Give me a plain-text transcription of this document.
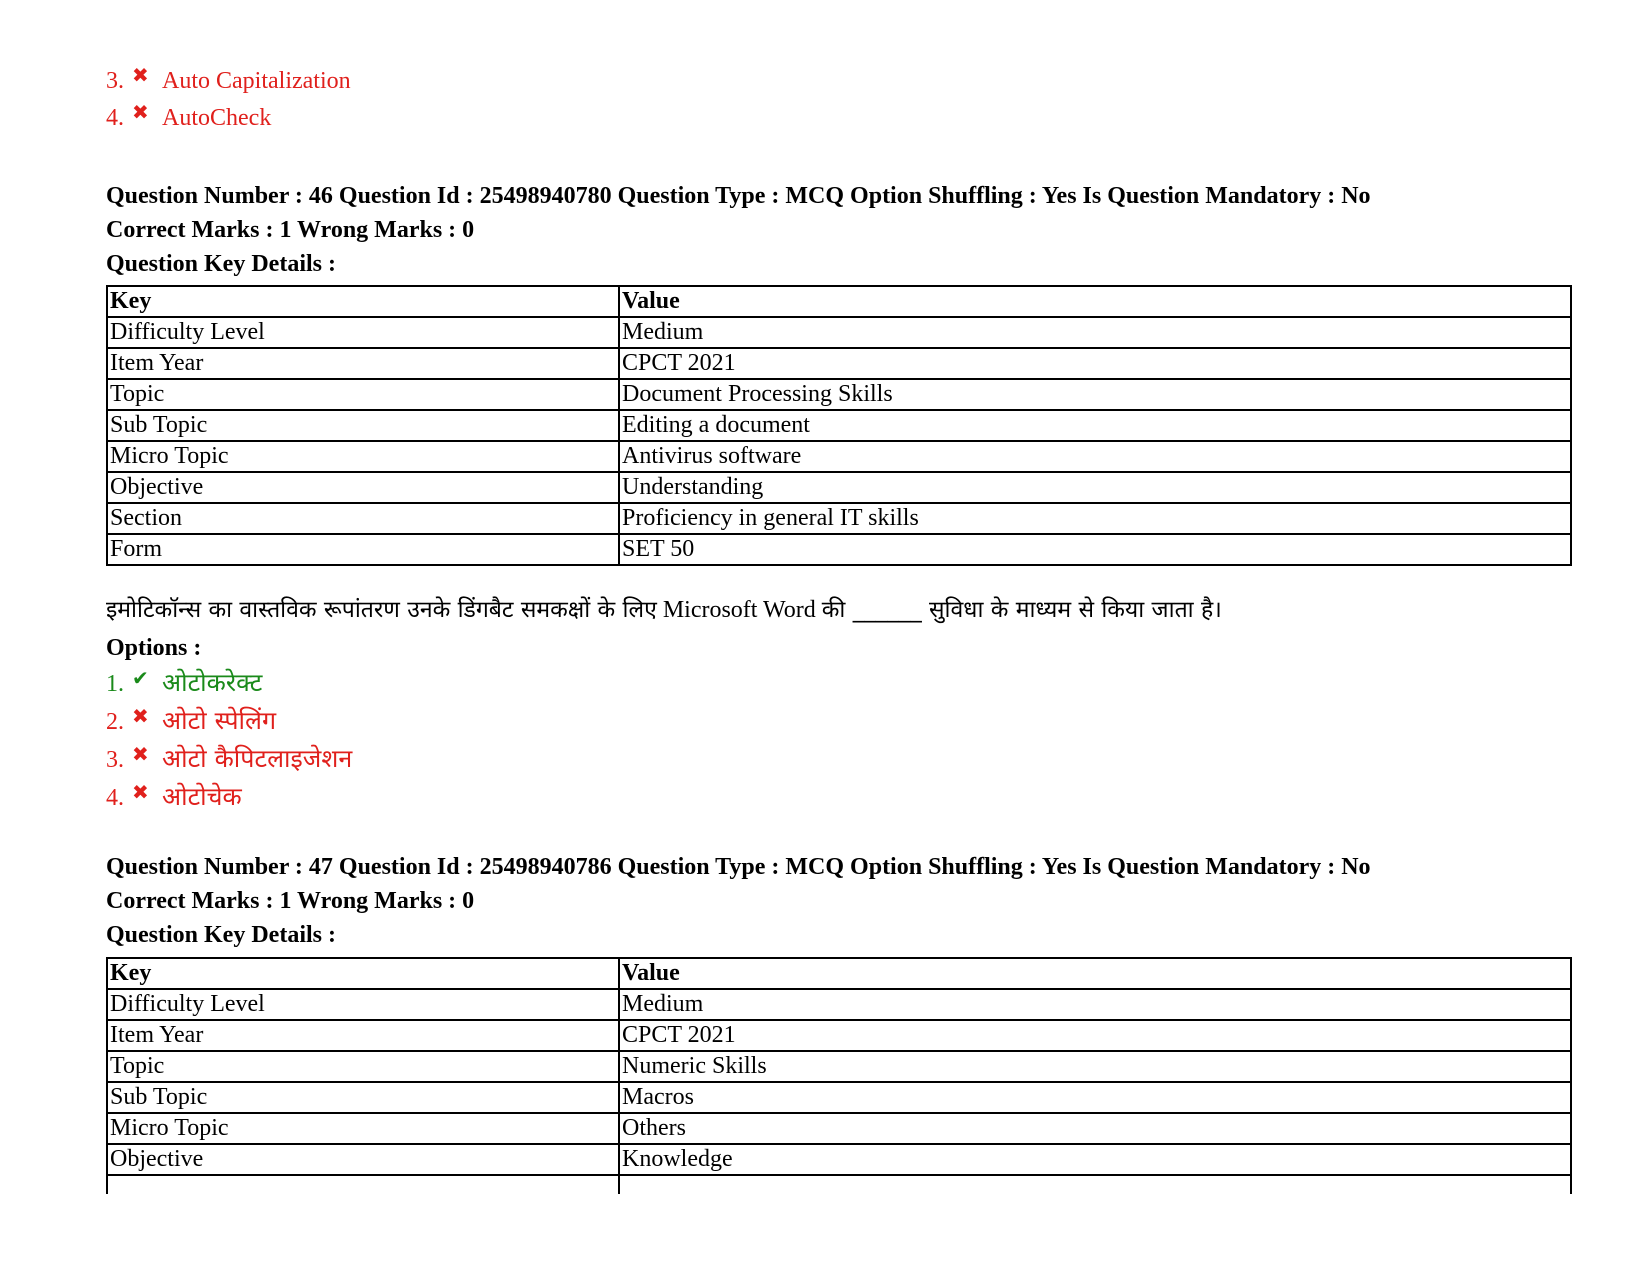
3. ✖ Auto Capitalization
4. ✖ AutoCheck
Question Number : 46 Question Id : 25498940780 Question Type : MCQ Option Shuffling : Yes Is Question Mandatory : No
Correct Marks : 1 Wrong Marks : 0
Question Key Details :
Key	Value
Difficulty Level	Medium
Item Year	CPCT 2021
Topic	Document Processing Skills
Sub Topic	Editing a document
Micro Topic	Antivirus software
Objective	Understanding
Section	Proficiency in general IT skills
Form	SET 50
इमोटिकॉन्स का वास्तविक रूपांतरण उनके डिंगबैट समकक्षों के लिए Microsoft Word की ______ सुविधा के माध्यम से किया जाता है।
Options :
1. ✔ ओटोकरेक्ट
2. ✖ ओटो स्पेलिंग
3. ✖ ओटो कैपिटलाइजेशन
4. ✖ ओटोचेक
Question Number : 47 Question Id : 25498940786 Question Type : MCQ Option Shuffling : Yes Is Question Mandatory : No
Correct Marks : 1 Wrong Marks : 0
Question Key Details :
Key	Value
Difficulty Level	Medium
Item Year	CPCT 2021
Topic	Numeric Skills
Sub Topic	Macros
Micro Topic	Others
Objective	Knowledge
